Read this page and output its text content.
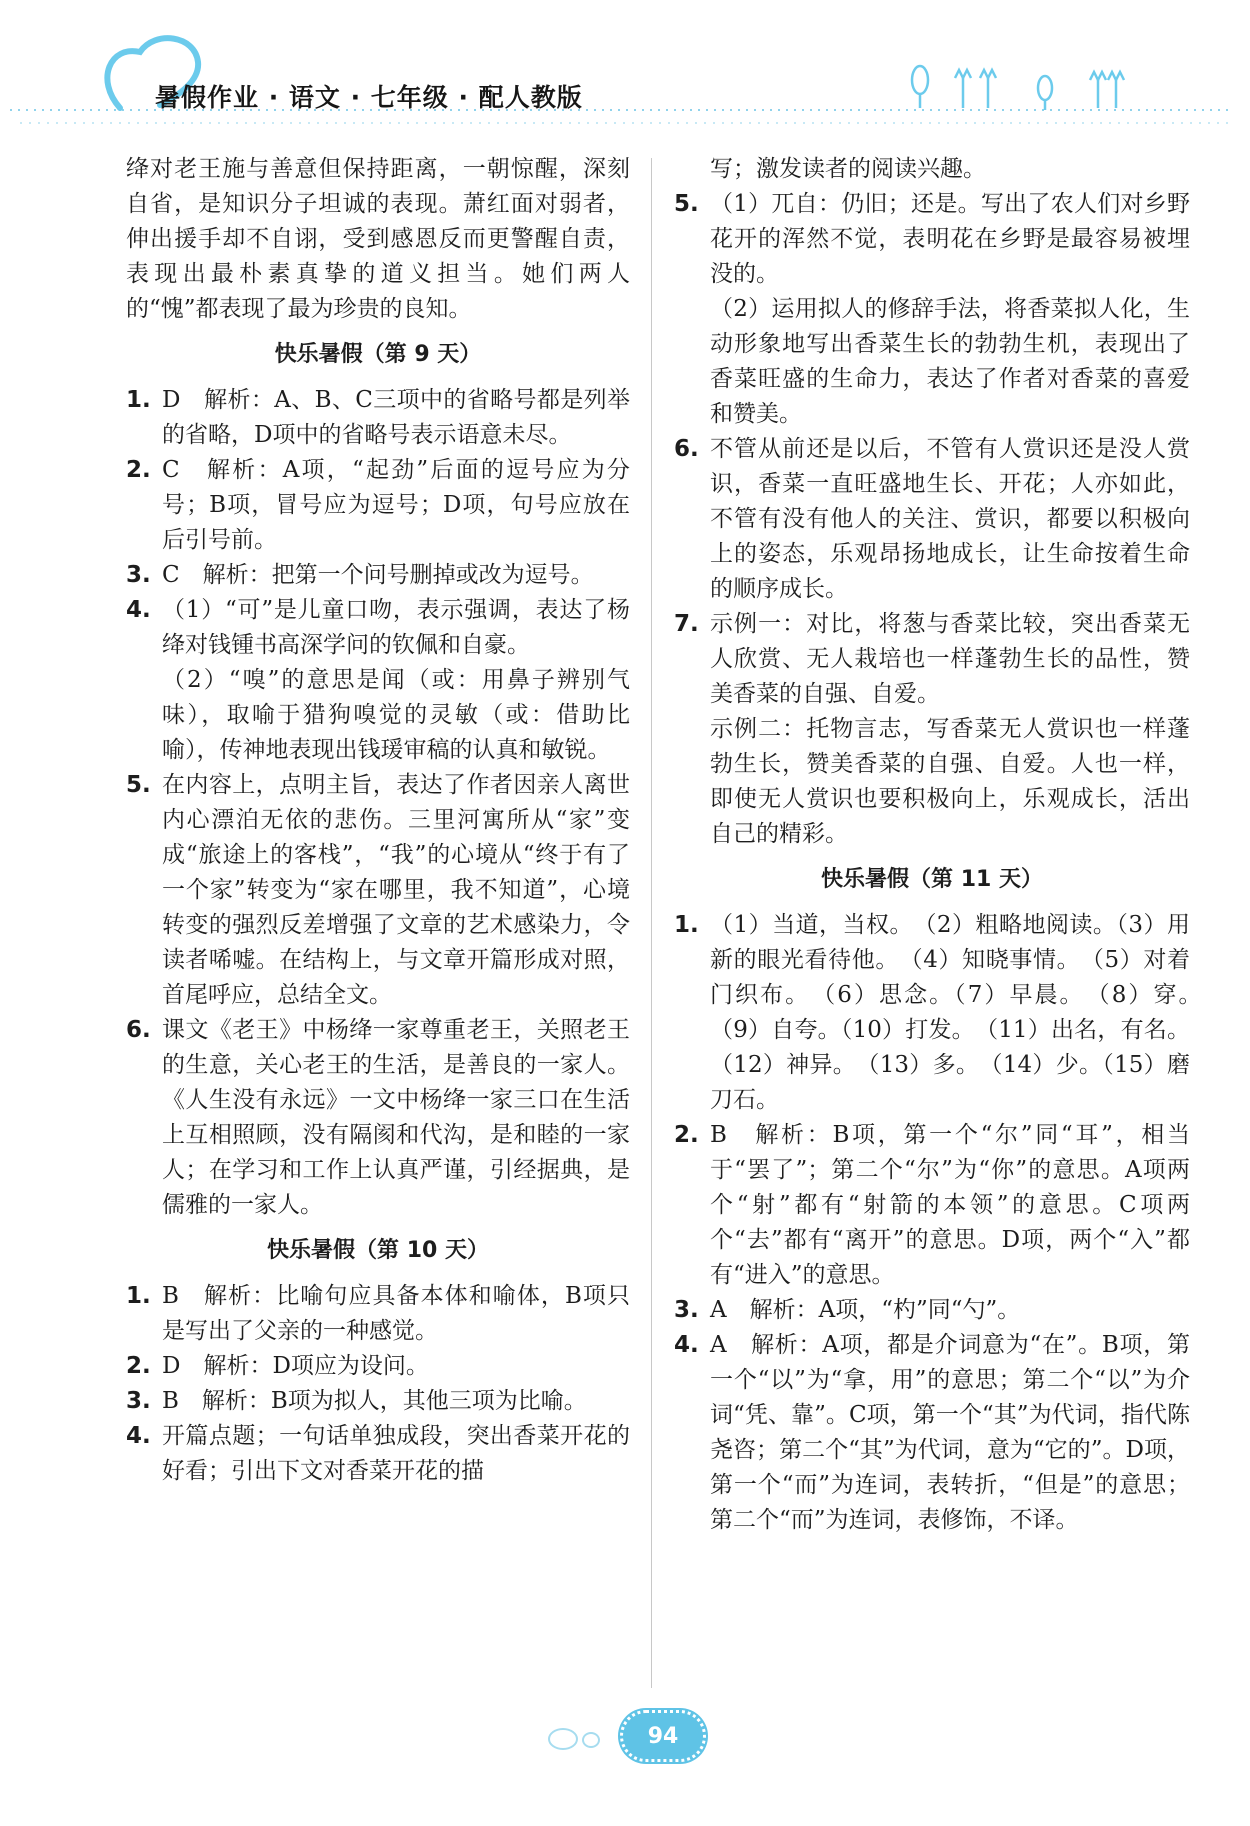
暑假作业 · 语文 · 七年级 · 配人教版

绛对老王施与善意但保持距离，一朝惊醒，深刻自省，是知识分子坦诚的表现。萧红面对弱者，伸出援手却不自诩，受到感恩反而更警醒自责，表现出最朴素真挚的道义担当。她们两人的“愧”都表现了最为珍贵的良知。

快乐暑假（第 9 天）

1. D　解析：A、B、C三项中的省略号都是列举的省略，D项中的省略号表示语意未尽。

2. C　解析：A项，“起劲”后面的逗号应为分号；B项，冒号应为逗号；D项，句号应放在后引号前。

3. C　解析：把第一个问号删掉或改为逗号。

4. （1）“可”是儿童口吻，表示强调，表达了杨绛对钱锺书高深学问的钦佩和自豪。

（2）“嗅”的意思是闻（或：用鼻子辨别气味），取喻于猎狗嗅觉的灵敏（或：借助比喻），传神地表现出钱瑗审稿的认真和敏锐。

5. 在内容上，点明主旨，表达了作者因亲人离世内心漂泊无依的悲伤。三里河寓所从“家”变成“旅途上的客栈”，“我”的心境从“终于有了一个家”转变为“家在哪里，我不知道”，心境转变的强烈反差增强了文章的艺术感染力，令读者唏嘘。在结构上，与文章开篇形成对照，首尾呼应，总结全文。

6. 课文《老王》中杨绛一家尊重老王，关照老王的生意，关心老王的生活，是善良的一家人。《人生没有永远》一文中杨绛一家三口在生活上互相照顾，没有隔阂和代沟，是和睦的一家人；在学习和工作上认真严谨，引经据典，是儒雅的一家人。

快乐暑假（第 10 天）

1. B　解析：比喻句应具备本体和喻体，B项只是写出了父亲的一种感觉。

2. D　解析：D项应为设问。

3. B　解析：B项为拟人，其他三项为比喻。

4. 开篇点题；一句话单独成段，突出香菜开花的好看；引出下文对香菜开花的描

写；激发读者的阅读兴趣。

5. （1）兀自：仍旧；还是。写出了农人们对乡野花开的浑然不觉，表明花在乡野是最容易被埋没的。

（2）运用拟人的修辞手法，将香菜拟人化，生动形象地写出香菜生长的勃勃生机，表现出了香菜旺盛的生命力，表达了作者对香菜的喜爱和赞美。

6. 不管从前还是以后，不管有人赏识还是没人赏识，香菜一直旺盛地生长、开花；人亦如此，不管有没有他人的关注、赏识，都要以积极向上的姿态，乐观昂扬地成长，让生命按着生命的顺序成长。

7. 示例一：对比，将葱与香菜比较，突出香菜无人欣赏、无人栽培也一样蓬勃生长的品性，赞美香菜的自强、自爱。

示例二：托物言志，写香菜无人赏识也一样蓬勃生长，赞美香菜的自强、自爱。人也一样，即使无人赏识也要积极向上，乐观成长，活出自己的精彩。

快乐暑假（第 11 天）

1. （1）当道，当权。　（2）粗略地阅读。（3）用新的眼光看待他。　（4）知晓事情。　（5）对着门织布。　（6）思念。（7）早晨。　（8）穿。　（9）自夸。（10）打发。　（11）出名，有名。（12）神异。　（13）多。　（14）少。（15）磨刀石。

2. B　解析：B项，第一个“尔”同“耳”，相当于“罢了”；第二个“尔”为“你”的意思。A项两个“射”都有“射箭的本领”的意思。C项两个“去”都有“离开”的意思。D项，两个“入”都有“进入”的意思。

3. A　解析：A项，“杓”同“勺”。

4. A　解析：A项，都是介词意为“在”。B项，第一个“以”为“拿，用”的意思；第二个“以”为介词“凭、靠”。C项，第一个“其”为代词，指代陈尧咨；第二个“其”为代词，意为“它的”。D项，第一个“而”为连词，表转折，“但是”的意思；第二个“而”为连词，表修饰，不译。

94
